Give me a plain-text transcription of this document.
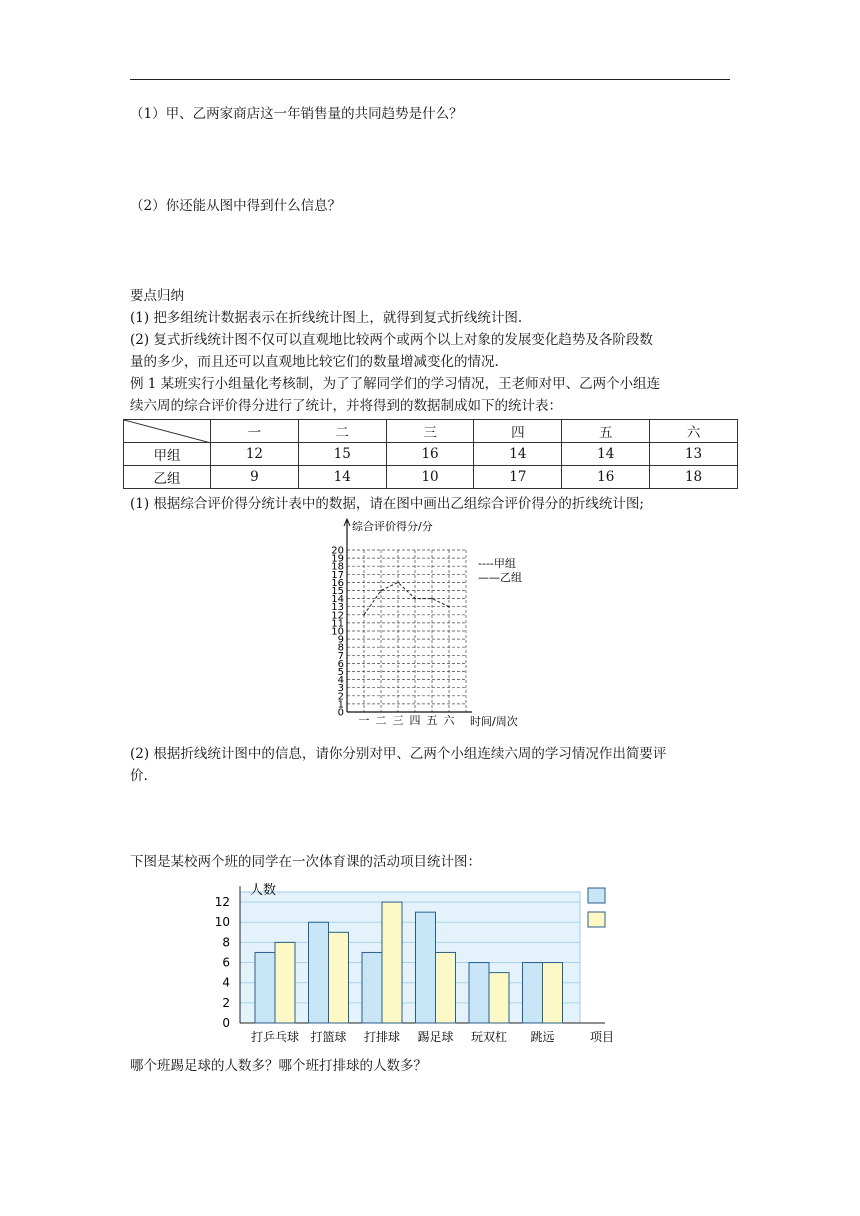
（1）甲、乙两家商店这一年销售量的共同趋势是什么？
（2）你还能从图中得到什么信息？
要点归纳
(1) 把多组统计数据表示在折线统计图上，就得到复式折线统计图.
(2) 复式折线统计图不仅可以直观地比较两个或两个以上对象的发展变化趋势及各阶段数
量的多少，而且还可以直观地比较它们的数量增减变化的情况.
例 1 某班实行小组量化考核制，为了了解同学们的学习情况，王老师对甲、乙两个小组连
续六周的综合评价得分进行了统计，并将得到的数据制成如下的统计表：
	一	二	三	四	五	六
甲组	12	15	16	14	14	13
乙组	9	14	10	17	16	18
(1) 根据综合评价得分统计表中的数据，请在图中画出乙组综合评价得分的折线统计图;
0
1
2
3
4
5
6
7
8
9
10
11
12
13
14
15
16
17
18
19
20
一 二 三 四 五 六 时间/周次
综合评价得分/分
----甲组
——乙组
(2) 根据折线统计图中的信息，请你分别对甲、乙两个小组连续六周的学习情况作出简要评
价.
下图是某校两个班的同学在一次体育课的活动项目统计图：
0
2
4
6
8
10
12
人数
打乒乓球 打篮球 打排球 踢足球 玩双杠 跳远	项目
哪个班踢足球的人数多？哪个班打排球的人数多？
